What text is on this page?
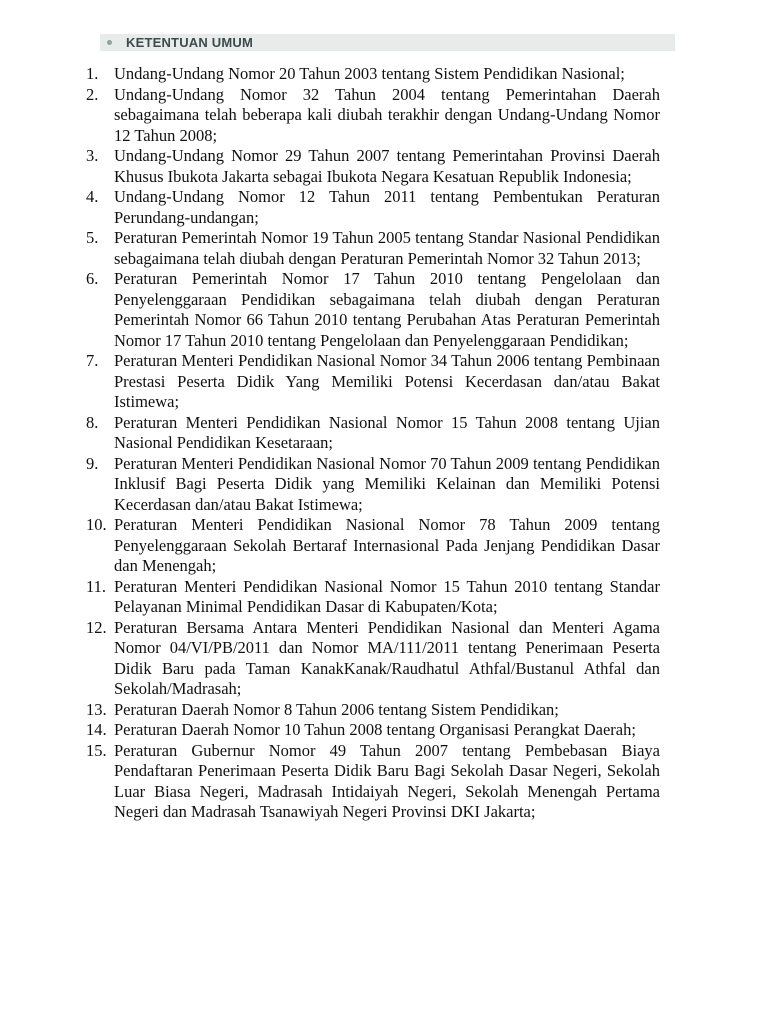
KETENTUAN UMUM
1. Undang-Undang Nomor 20 Tahun 2003 tentang Sistem Pendidikan Nasional;
2. Undang-Undang Nomor 32 Tahun 2004 tentang Pemerintahan Daerah sebagaimana telah beberapa kali diubah terakhir dengan Undang-Undang Nomor 12 Tahun 2008;
3. Undang-Undang Nomor 29 Tahun 2007 tentang Pemerintahan Provinsi Daerah Khusus Ibukota Jakarta sebagai Ibukota Negara Kesatuan Republik Indonesia;
4. Undang-Undang Nomor 12 Tahun 2011 tentang Pembentukan Peraturan Perundang-undangan;
5. Peraturan Pemerintah Nomor 19 Tahun 2005 tentang Standar Nasional Pendidikan sebagaimana telah diubah dengan Peraturan Pemerintah Nomor 32 Tahun 2013;
6. Peraturan Pemerintah Nomor 17 Tahun 2010 tentang Pengelolaan dan Penyelenggaraan Pendidikan sebagaimana telah diubah dengan Peraturan Pemerintah Nomor 66 Tahun 2010 tentang Perubahan Atas Peraturan Pemerintah Nomor 17 Tahun 2010 tentang Pengelolaan dan Penyelenggaraan Pendidikan;
7. Peraturan Menteri Pendidikan Nasional Nomor 34 Tahun 2006 tentang Pembinaan Prestasi Peserta Didik Yang Memiliki Potensi Kecerdasan dan/atau Bakat Istimewa;
8. Peraturan Menteri Pendidikan Nasional Nomor 15 Tahun 2008 tentang Ujian Nasional Pendidikan Kesetaraan;
9. Peraturan Menteri Pendidikan Nasional Nomor 70 Tahun 2009 tentang Pendidikan Inklusif Bagi Peserta Didik yang Memiliki Kelainan dan Memiliki Potensi Kecerdasan dan/atau Bakat Istimewa;
10. Peraturan Menteri Pendidikan Nasional Nomor 78 Tahun 2009 tentang Penyelenggaraan Sekolah Bertaraf Internasional Pada Jenjang Pendidikan Dasar dan Menengah;
11. Peraturan Menteri Pendidikan Nasional Nomor 15 Tahun 2010 tentang Standar Pelayanan Minimal Pendidikan Dasar di Kabupaten/Kota;
12. Peraturan Bersama Antara Menteri Pendidikan Nasional dan Menteri Agama Nomor 04/VI/PB/2011 dan Nomor MA/111/2011 tentang Penerimaan Peserta Didik Baru pada Taman KanakKanak/Raudhatul Athfal/Bustanul Athfal dan Sekolah/Madrasah;
13. Peraturan Daerah Nomor 8 Tahun 2006 tentang Sistem Pendidikan;
14. Peraturan Daerah Nomor 10 Tahun 2008 tentang Organisasi Perangkat Daerah;
15. Peraturan Gubernur Nomor 49 Tahun 2007 tentang Pembebasan Biaya Pendaftaran Penerimaan Peserta Didik Baru Bagi Sekolah Dasar Negeri, Sekolah Luar Biasa Negeri, Madrasah Intidaiyah Negeri, Sekolah Menengah Pertama Negeri dan Madrasah Tsanawiyah Negeri Provinsi DKI Jakarta;
